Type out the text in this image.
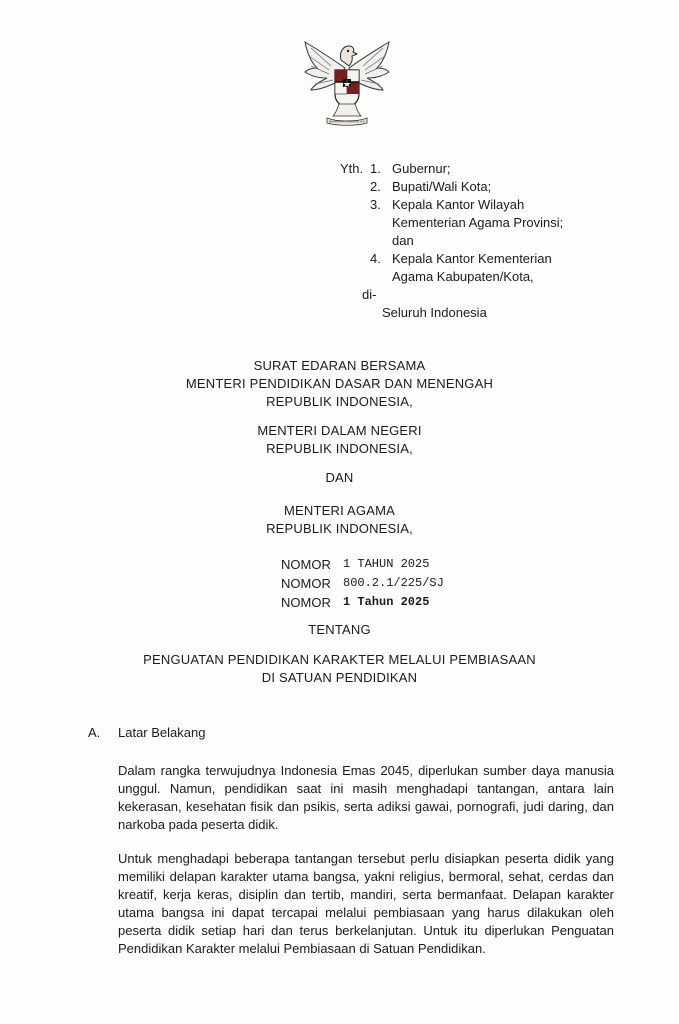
BHINNEKA TUNGGAL IKA
Yth. 1. Gubernur;
2. Bupati/Wali Kota;
3. Kepala Kantor Wilayah
Kementerian Agama Provinsi;
dan
4. Kepala Kantor Kementerian
Agama Kabupaten/Kota,
di-
Seluruh Indonesia
SURAT EDARAN BERSAMA
MENTERI PENDIDIKAN DASAR DAN MENENGAH
REPUBLIK INDONESIA,
MENTERI DALAM NEGERI
REPUBLIK INDONESIA,
DAN
MENTERI AGAMA
REPUBLIK INDONESIA,
NOMOR	1 TAHUN 2025
NOMOR	800.2.1/225/SJ
NOMOR	1 Tahun 2025
TENTANG
PENGUATAN PENDIDIKAN KARAKTER MELALUI PEMBIASAAN
DI SATUAN PENDIDIKAN
A.	Latar Belakang
Dalam rangka terwujudnya Indonesia Emas 2045, diperlukan sumber daya manusia unggul. Namun, pendidikan saat ini masih menghadapi tantangan, antara lain kekerasan, kesehatan fisik dan psikis, serta adiksi gawai, pornografi, judi daring, dan narkoba pada peserta didik.
Untuk menghadapi beberapa tantangan tersebut perlu disiapkan peserta didik yang memiliki delapan karakter utama bangsa, yakni religius, bermoral, sehat, cerdas dan kreatif, kerja keras, disiplin dan tertib, mandiri, serta bermanfaat. Delapan karakter utama bangsa ini dapat tercapai melalui pembiasaan yang harus dilakukan oleh peserta didik setiap hari dan terus berkelanjutan. Untuk itu diperlukan Penguatan Pendidikan Karakter melalui Pembiasaan di Satuan Pendidikan.
